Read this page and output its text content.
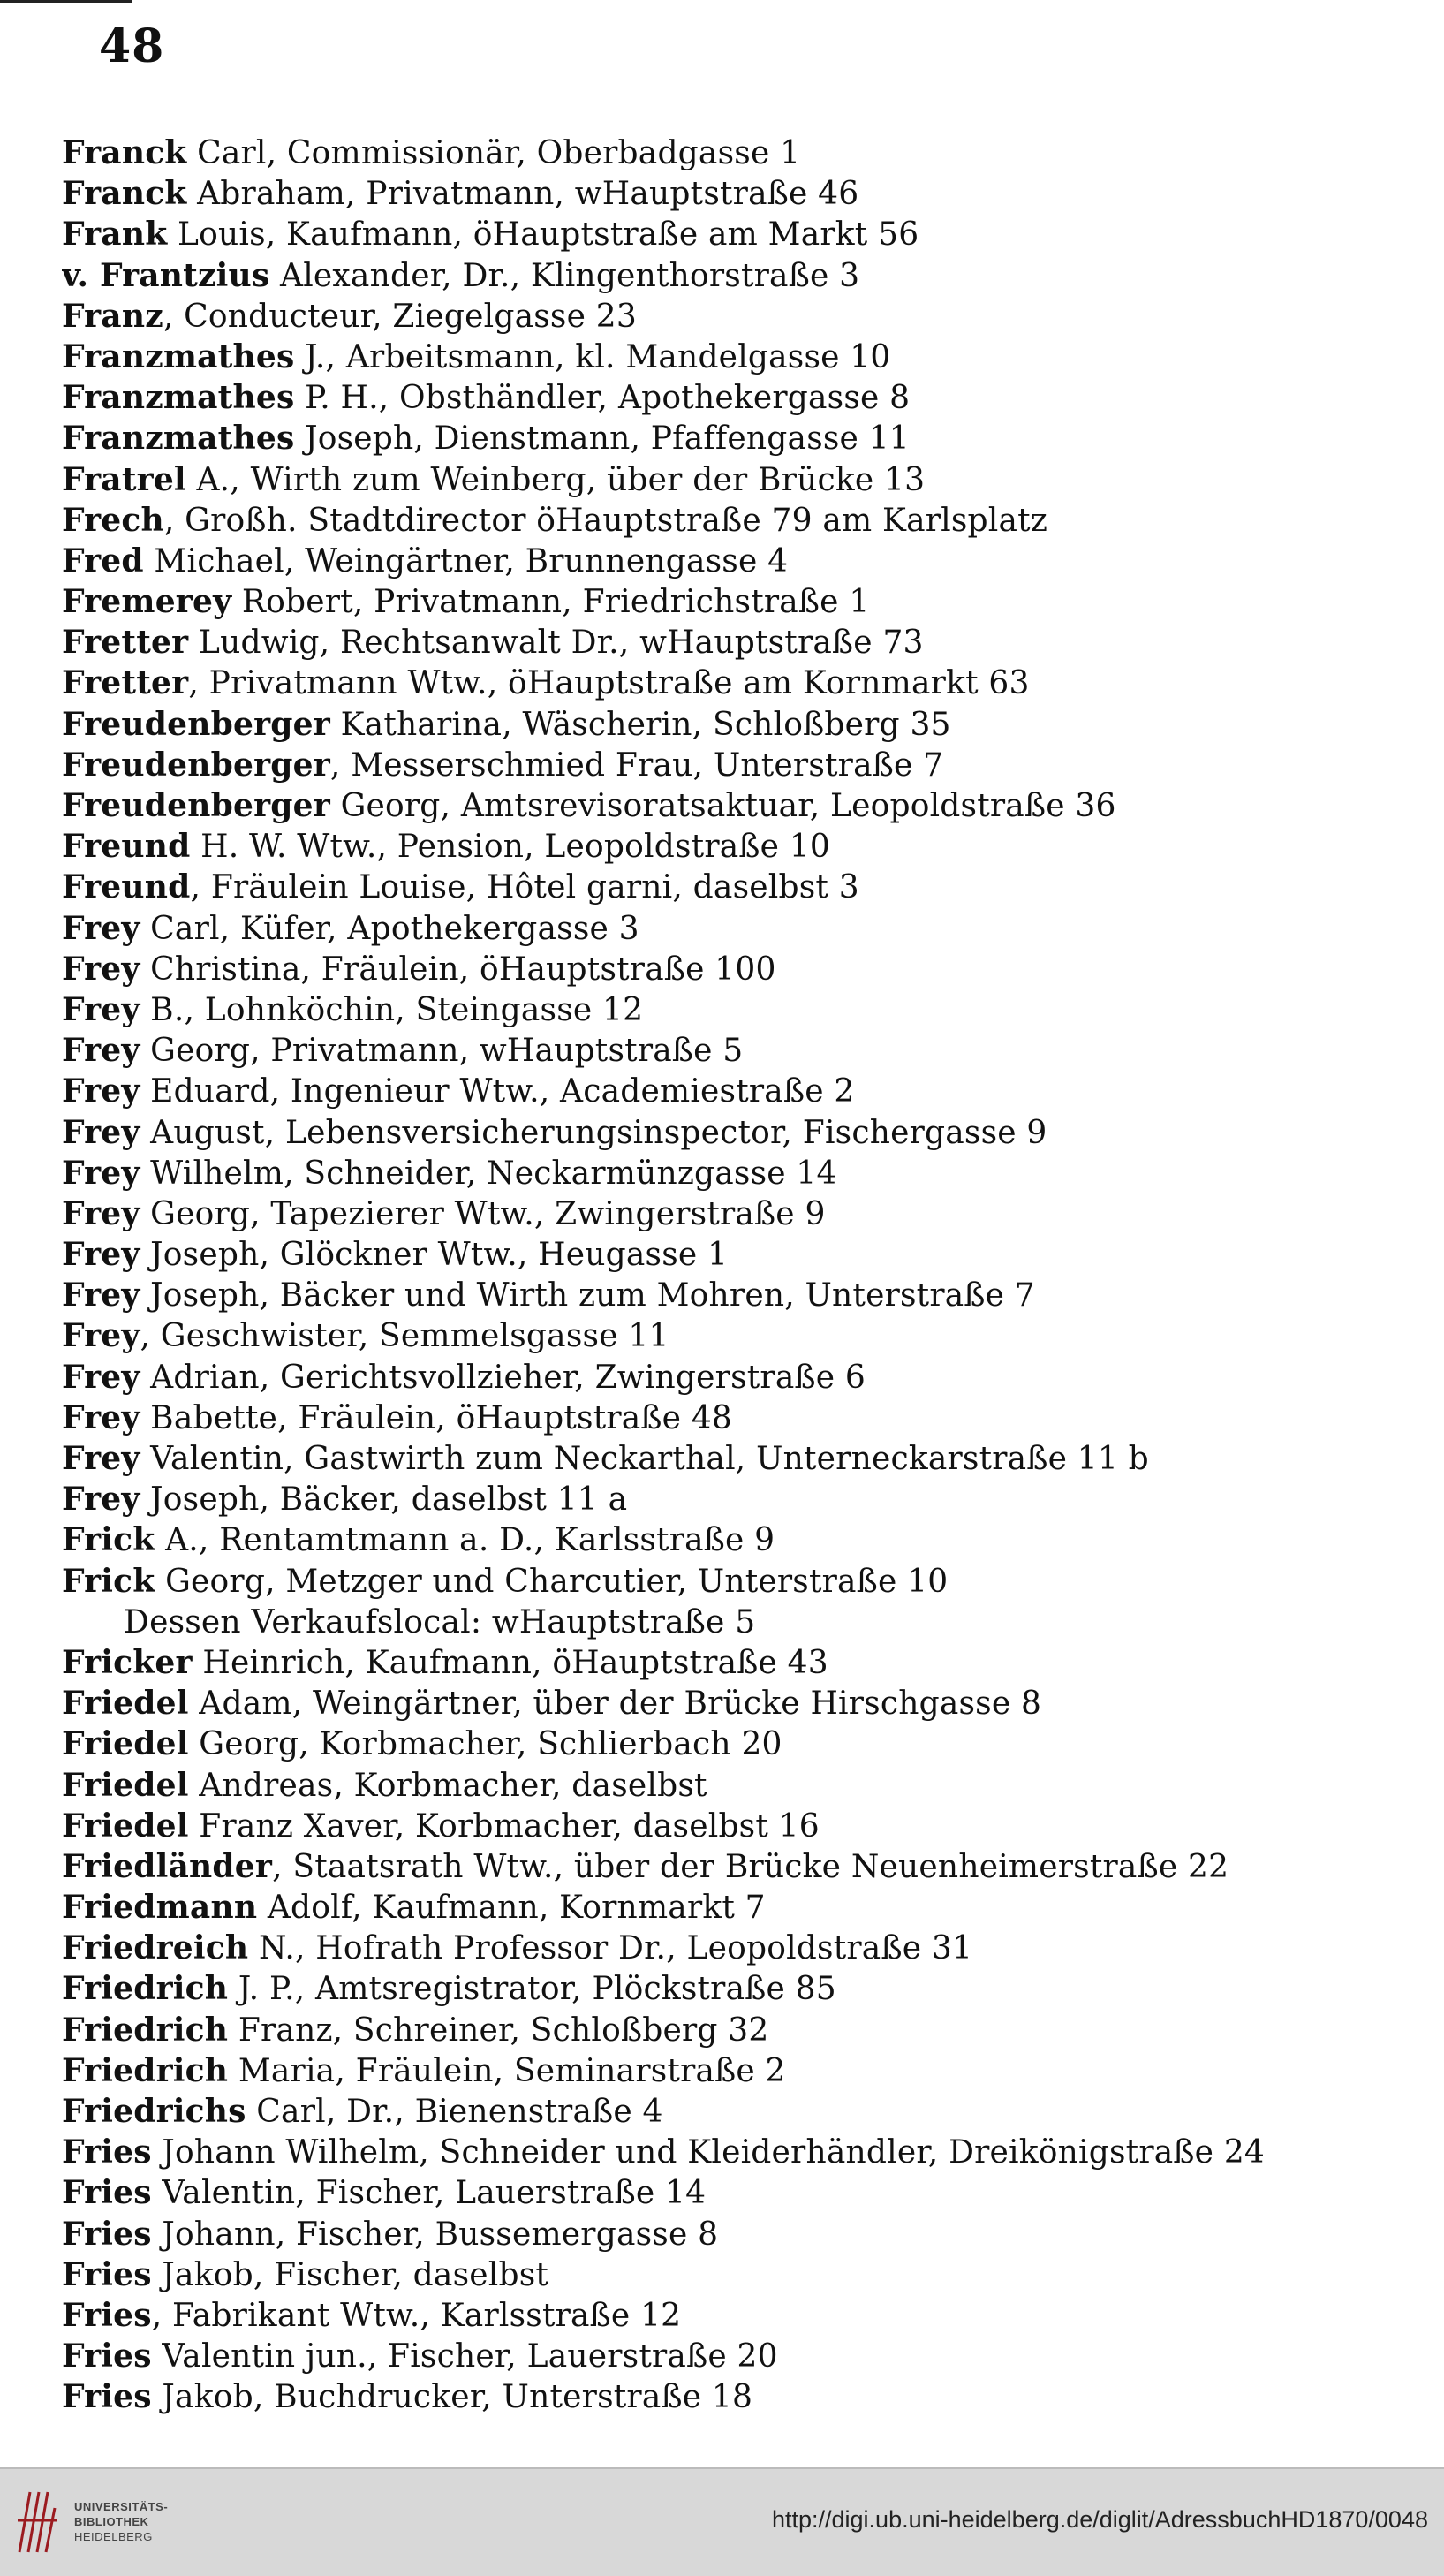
48
Franck Carl, Commissionär, Oberbadgasse 1
Franck Abraham, Privatmann, wHauptstraße 46
Frank Louis, Kaufmann, öHauptstraße am Markt 56
v. Frantzius Alexander, Dr., Klingenthorstraße 3
Franz, Conducteur, Ziegelgasse 23
Franzmathes J., Arbeitsmann, kl. Mandelgasse 10
Franzmathes P. H., Obsthändler, Apothekergasse 8
Franzmathes Joseph, Dienstmann, Pfaffengasse 11
Fratrel A., Wirth zum Weinberg, über der Brücke 13
Frech, Großh. Stadtdirector öHauptstraße 79 am Karlsplatz
Fred Michael, Weingärtner, Brunnengasse 4
Fremerey Robert, Privatmann, Friedrichstraße 1
Fretter Ludwig, Rechtsanwalt Dr., wHauptstraße 73
Fretter, Privatmann Wtw., öHauptstraße am Kornmarkt 63
Freudenberger Katharina, Wäscherin, Schloßberg 35
Freudenberger, Messerschmied Frau, Unterstraße 7
Freudenberger Georg, Amtsrevisoratsaktuar, Leopoldstraße 36
Freund H. W. Wtw., Pension, Leopoldstraße 10
Freund, Fräulein Louise, Hôtel garni, daselbst 3
Frey Carl, Küfer, Apothekergasse 3
Frey Christina, Fräulein, öHauptstraße 100
Frey B., Lohnköchin, Steingasse 12
Frey Georg, Privatmann, wHauptstraße 5
Frey Eduard, Ingenieur Wtw., Academiestraße 2
Frey August, Lebensversicherungsinspector, Fischergasse 9
Frey Wilhelm, Schneider, Neckarmünzgasse 14
Frey Georg, Tapezierer Wtw., Zwingerstraße 9
Frey Joseph, Glöckner Wtw., Heugasse 1
Frey Joseph, Bäcker und Wirth zum Mohren, Unterstraße 7
Frey, Geschwister, Semmelsgasse 11
Frey Adrian, Gerichtsvollzieher, Zwingerstraße 6
Frey Babette, Fräulein, öHauptstraße 48
Frey Valentin, Gastwirth zum Neckarthal, Unterneckarstraße 11 b
Frey Joseph, Bäcker, daselbst 11 a
Frick A., Rentamtmann a. D., Karlsstraße 9
Frick Georg, Metzger und Charcutier, Unterstraße 10
Dessen Verkaufslocal: wHauptstraße 5
Fricker Heinrich, Kaufmann, öHauptstraße 43
Friedel Adam, Weingärtner, über der Brücke Hirschgasse 8
Friedel Georg, Korbmacher, Schlierbach 20
Friedel Andreas, Korbmacher, daselbst
Friedel Franz Xaver, Korbmacher, daselbst 16
Friedländer, Staatsrath Wtw., über der Brücke Neuenheimerstraße 22
Friedmann Adolf, Kaufmann, Kornmarkt 7
Friedreich N., Hofrath Professor Dr., Leopoldstraße 31
Friedrich J. P., Amtsregistrator, Plöckstraße 85
Friedrich Franz, Schreiner, Schloßberg 32
Friedrich Maria, Fräulein, Seminarstraße 2
Friedrichs Carl, Dr., Bienenstraße 4
Fries Johann Wilhelm, Schneider und Kleiderhändler, Dreikönigstraße 24
Fries Valentin, Fischer, Lauerstraße 14
Fries Johann, Fischer, Bussemergasse 8
Fries Jakob, Fischer, daselbst
Fries, Fabrikant Wtw., Karlsstraße 12
Fries Valentin jun., Fischer, Lauerstraße 20
Fries Jakob, Buchdrucker, Unterstraße 18
UNIVERSITÄTS-
BIBLIOTHEK
HEIDELBERG
http://digi.ub.uni-heidelberg.de/diglit/AdressbuchHD1870/0048
